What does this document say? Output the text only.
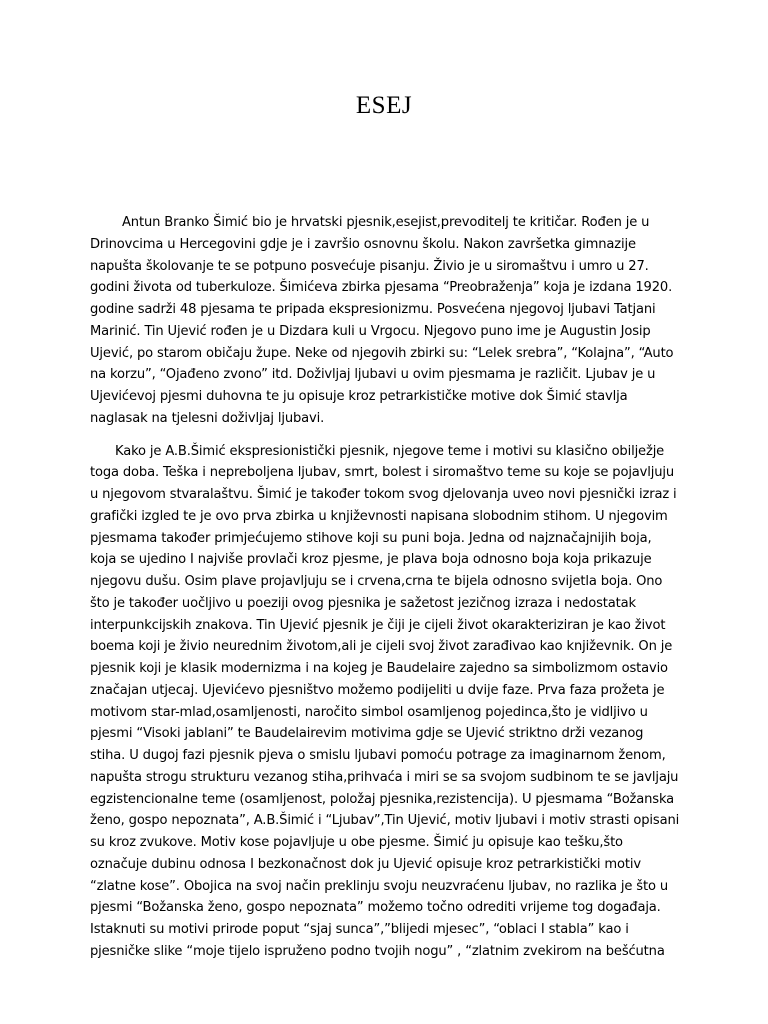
ESEJ

Antun Branko Šimić bio je hrvatski pjesnik,esejist,prevoditelj te kritičar. Rođen je u Drinovcima u Hercegovini gdje je i završio osnovnu školu. Nakon završetka gimnazije napušta školovanje te se potpuno posvećuje pisanju. Živio je u siromaštvu i umro u 27. godini života od tuberkuloze. Šimićeva zbirka pjesama “Preobraženja” koja je izdana 1920. godine sadrži 48 pjesama te pripada ekspresionizmu. Posvećena njegovoj ljubavi Tatjani Marinić. Tin Ujević rođen je u Dizdara kuli u Vrgocu. Njegovo puno ime je Augustin Josip Ujević, po starom običaju župe. Neke od njegovih zbirki su: “Lelek srebra”, “Kolajna”, “Auto na korzu”, “Ojađeno zvono” itd. Doživljaj ljubavi u ovim pjesmama je različit. Ljubav je u Ujevićevoj pjesmi duhovna te ju opisuje kroz petrarkističke motive dok Šimić stavlja naglasak na tjelesni doživljaj ljubavi.

Kako je A.B.Šimić ekspresionistički pjesnik, njegove teme i motivi su klasično obilježje toga doba. Teška i nepreboljena ljubav, smrt, bolest i siromaštvo teme su koje se pojavljuju u njegovom stvaralaštvu. Šimić je također tokom svog djelovanja uveo novi pjesnički izraz i grafički izgled te je ovo prva zbirka u književnosti napisana slobodnim stihom. U njegovim pjesmama također primjećujemo stihove koji su puni boja. Jedna od najznačajnijih boja, koja se ujedino I najviše provlači kroz pjesme, je plava boja odnosno boja koja prikazuje njegovu dušu. Osim plave projavljuju se i crvena,crna te bijela odnosno svijetla boja. Ono što je također uočljivo u poeziji ovog pjesnika je sažetost jezičnog izraza i nedostatak interpunkcijskih znakova. Tin Ujević pjesnik je čiji je cijeli život okarakteriziran je kao život boema koji je živio neurednim životom,ali je cijeli svoj život zarađivao kao književnik. On je pjesnik koji je klasik modernizma i na kojeg je Baudelaire zajedno sa simbolizmom ostavio značajan utjecaj. Ujevićevo pjesništvo možemo podijeliti u dvije faze. Prva faza prožeta je motivom star-mlad,osamljenosti, naročito simbol osamljenog pojedinca,što je vidljivo u pjesmi “Visoki jablani” te Baudelairevim motivima gdje se Ujević striktno drži vezanog stiha. U dugoj fazi pjesnik pjeva o smislu ljubavi pomoću potrage za imaginarnom ženom, napušta strogu strukturu vezanog stiha,prihvaća i miri se sa svojom sudbinom te se javljaju egzistencionalne teme (osamljenost, položaj pjesnika,rezistencija). U pjesmama “Božanska ženo, gospo nepoznata”, A.B.Šimić i “Ljubav”,Tin Ujević, motiv ljubavi i motiv strasti opisani su kroz zvukove. Motiv kose pojavljuje u obe pjesme. Šimić ju opisuje kao tešku,što označuje dubinu odnosa I bezkonačnost dok ju Ujević opisuje kroz petrarkistički motiv “zlatne kose”. Obojica na svoj način preklinju svoju neuzvraćenu ljubav, no razlika je što u pjesmi “Božanska ženo, gospo nepoznata” možemo točno odrediti vrijeme tog događaja. Istaknuti su motivi prirode poput “sjaj sunca”,”blijedi mjesec”, “oblaci I stabla” kao i pjesničke slike “moje tijelo ispruženo podno tvojih nogu” , “zlatnim zvekirom na bešćutna
